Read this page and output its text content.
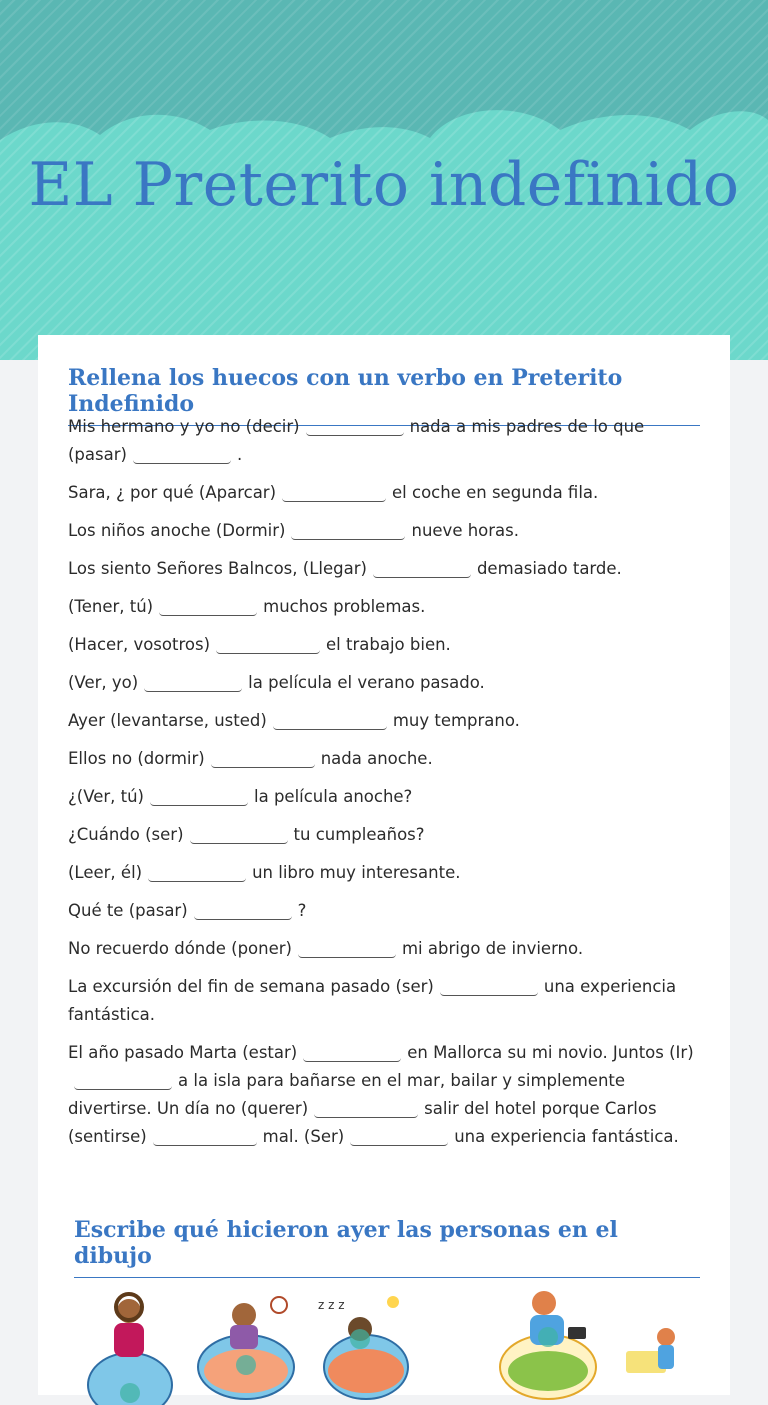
EL Preterito indefinido
Rellena los huecos con un verbo en Preterito Indefinido
Mis hermano y yo no (decir)	nada a mis padres de lo que (pasar)	.
Sara, ¿ por qué (Aparcar)	el coche en segunda fila.
Los niños anoche (Dormir)	nueve horas.
Los siento Señores Balncos, (Llegar)	demasiado tarde.
(Tener, tú)	muchos problemas.
(Hacer, vosotros)	el trabajo bien.
(Ver, yo)	la película el verano pasado.
Ayer (levantarse, usted)	muy temprano.
Ellos no (dormir)	nada anoche.
¿(Ver, tú)	la película anoche?
¿Cuándo (ser)	tu cumpleaños?
(Leer, él)	un libro muy interesante.
Qué te (pasar)	?
No recuerdo dónde (poner)	mi abrigo de invierno.
La excursión del fin de semana pasado (ser)	una experiencia fantástica.
El año pasado Marta (estar)	en Mallorca su mi novio. Juntos (Ir)a la isla para bañarse en el mar, bailar y simplemente divertirse. Un día no (querer)	salir del hotel porque Carlos (sentirse)	mal. (Ser)	una experiencia fantástica.
Escribe qué hicieron ayer las personas en el dibujo
z z z
